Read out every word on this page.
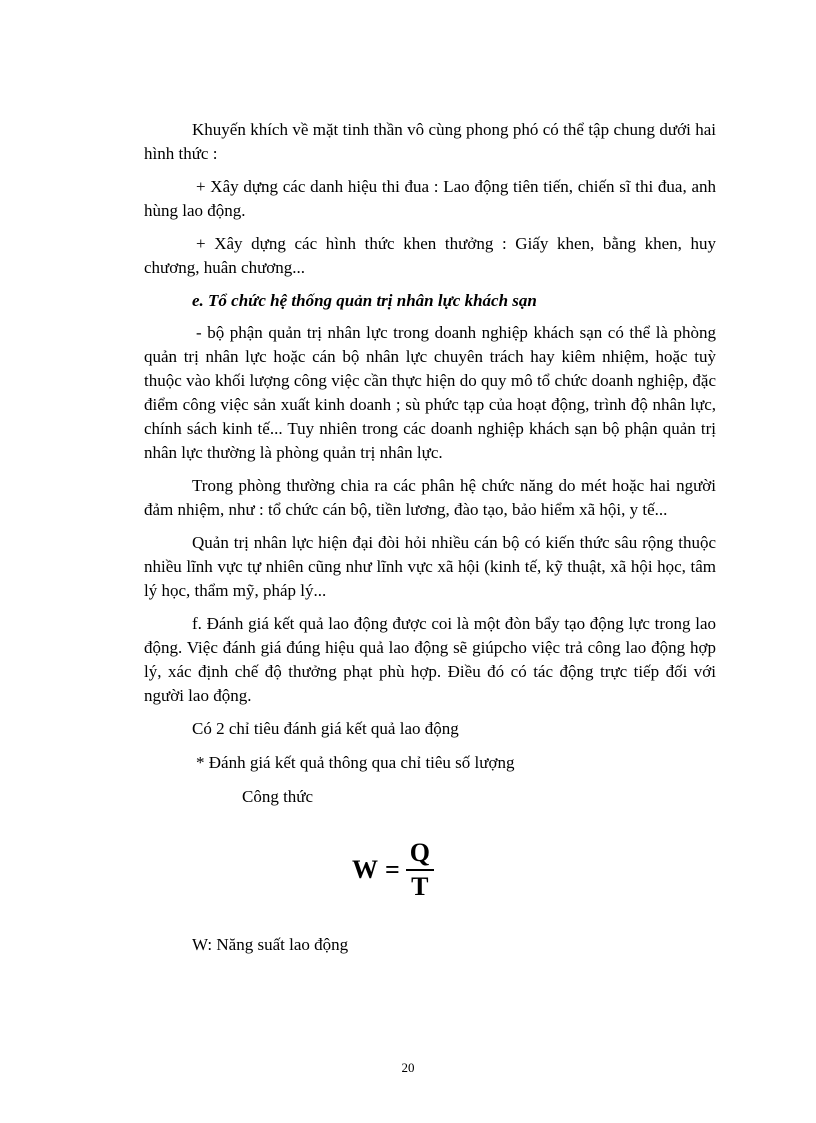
Khuyến khích về mặt tinh thần vô cùng phong phó có thể tập chung dưới hai hình thức :

+ Xây dựng các danh hiệu thi đua : Lao động tiên tiến, chiến sĩ thi đua, anh hùng lao động.

+ Xây dựng các hình thức khen thưởng : Giấy khen, bằng khen, huy chương, huân chương...

e. Tổ chức hệ thống quản trị nhân lực khách sạn

- bộ phận quản trị nhân lực trong doanh nghiệp khách sạn có thể là phòng quản trị nhân lực hoặc cán bộ nhân lực chuyên trách hay kiêm nhiệm, hoặc tuỳ thuộc vào khối lượng công việc cần thực hiện do quy mô tổ chức doanh nghiệp, đặc điểm công việc sản xuất kinh doanh ; sù phức tạp của hoạt động, trình độ nhân lực, chính sách kinh tế... Tuy nhiên trong các doanh nghiệp khách sạn bộ phận quản trị nhân lực thường là phòng quản trị nhân lực.

Trong phòng thường chia ra các phân hệ chức năng do mét hoặc hai người đảm nhiệm, như : tổ chức cán bộ, tiền lương, đào tạo, bảo hiểm xã hội, y tế...

Quản trị nhân lực hiện đại đòi hỏi nhiều cán bộ có kiến thức sâu rộng thuộc nhiều lĩnh vực tự nhiên cũng như lĩnh vực xã hội (kinh tế, kỹ thuật, xã hội học, tâm lý học, thẩm mỹ, pháp lý...

f. Đánh giá kết quả lao động được coi là một đòn bẩy tạo động lực trong lao động. Việc đánh giá đúng hiệu quả lao động sẽ giúpcho việc trả công lao động hợp lý, xác định chế độ thưởng phạt phù hợp. Điều đó có tác động trực tiếp đối với người lao động.

Có 2 chỉ tiêu đánh giá kết quả lao động

* Đánh giá kết quả thông qua chỉ tiêu số lượng

Công thức

$W = \frac{Q}{T}$

W: Năng suất lao động

20
